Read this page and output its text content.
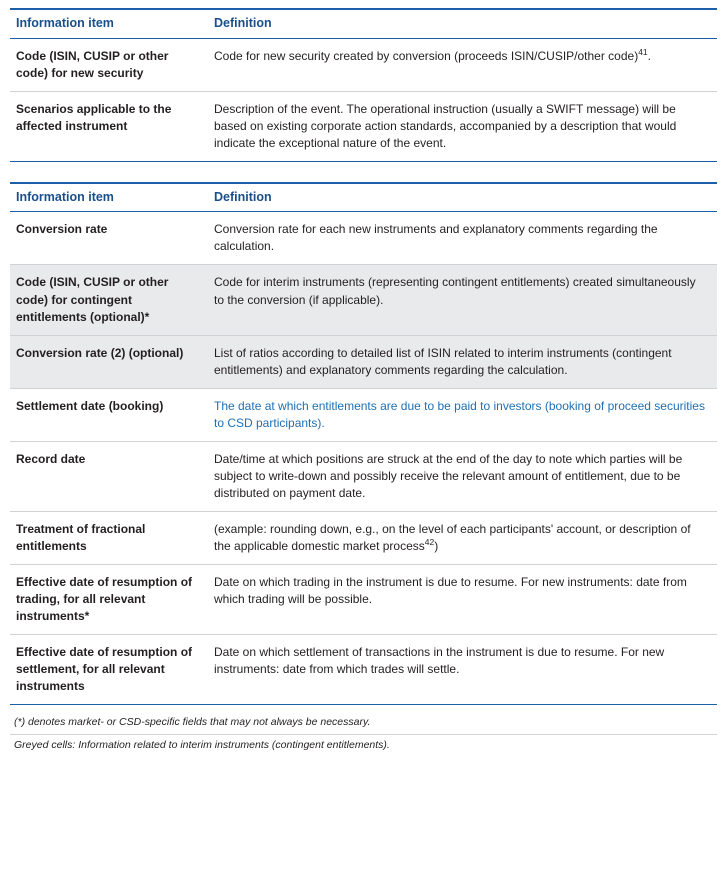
Information item	Definition
Code (ISIN, CUSIP or other code) for new security	Code for new security created by conversion (proceeds ISIN/CUSIP/other code)$^{41}$.
Scenarios applicable to the affected instrument	Description of the event. The operational instruction (usually a SWIFT message) will be based on existing corporate action standards, accompanied by a description that would indicate the exceptional nature of the event.
Information item	Definition
Conversion rate	Conversion rate for each new instruments and explanatory comments regarding the calculation.
Code (ISIN, CUSIP or other code) for contingent entitlements (optional)*	Code for interim instruments (representing contingent entitlements) created simultaneously to the conversion (if applicable).
Conversion rate (2) (optional)	List of ratios according to detailed list of ISIN related to interim instruments (contingent entitlements) and explanatory comments regarding the calculation.
Settlement date (booking)	The date at which entitlements are due to be paid to investors (booking of proceed securities to CSD participants).
Record date	Date/time at which positions are struck at the end of the day to note which parties will be subject to write-down and possibly receive the relevant amount of entitlement, due to be distributed on payment date.
Treatment of fractional entitlements	(example: rounding down, e.g., on the level of each participants' account, or description of the applicable domestic market process$^{42}$)
Effective date of resumption of trading, for all relevant instruments*	Date on which trading in the instrument is due to resume. For new instruments: date from which trading will be possible.
Effective date of resumption of settlement, for all relevant instruments	Date on which settlement of transactions in the instrument is due to resume. For new instruments: date from which trades will settle.
(*) denotes market- or CSD-specific fields that may not always be necessary.
Greyed cells: Information related to interim instruments (contingent entitlements).
